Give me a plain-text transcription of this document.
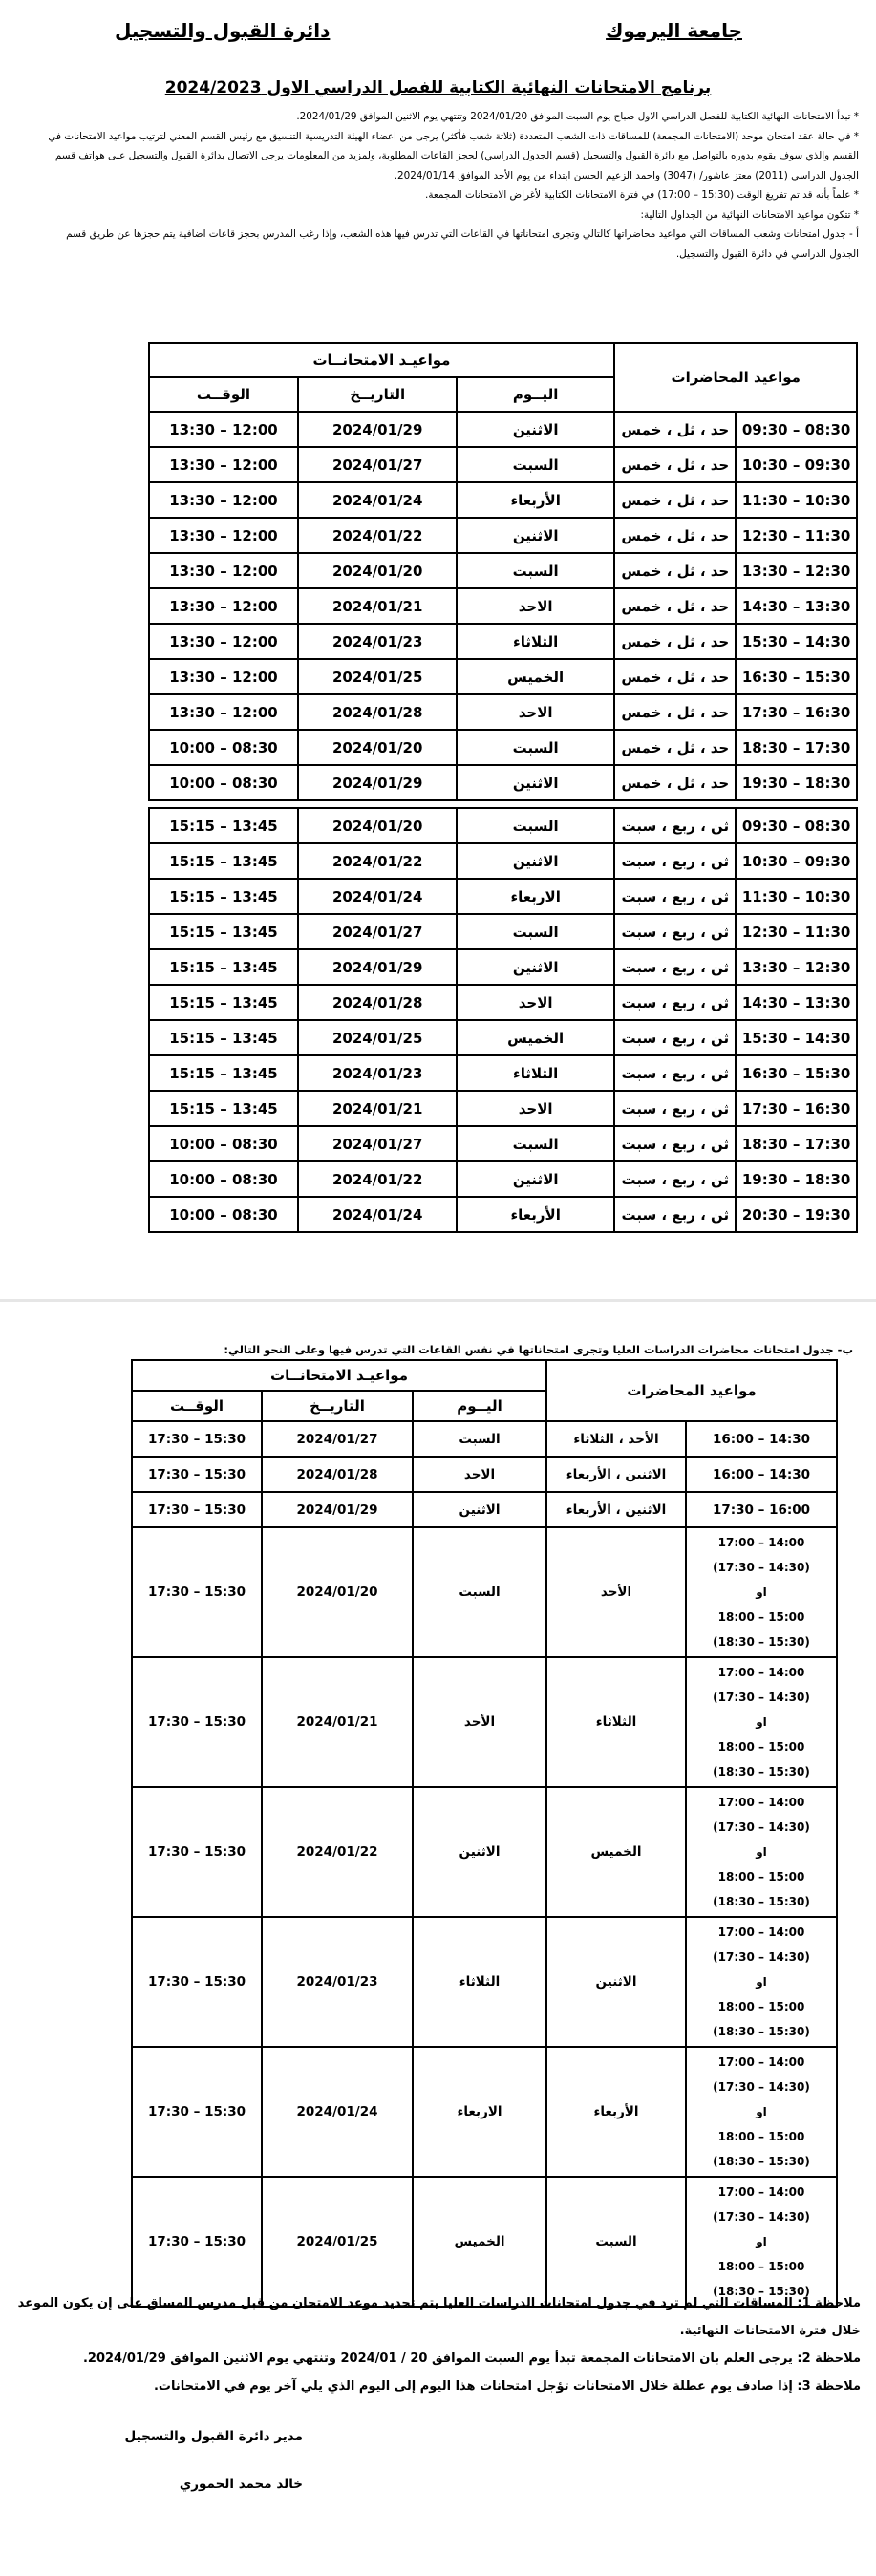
جامعة اليرموك
دائرة القبول والتسجيل
برنامج الامتحانات النهائية الكتابية للفصل الدراسي الاول 2024/2023

* تبدأ الامتحانات النهائية الكتابية للفصل الدراسي الاول صباح يوم السبت الموافق 2024/01/20 وتنتهي يوم الاثنين الموافق 2024/01/29.

* في حالة عقد امتحان موحد (الامتحانات المجمعة) للمساقات ذات الشعب المتعددة (ثلاثة شعب فأكثر) يرجى من اعضاء الهيئة التدريسية التنسيق مع رئيس القسم المعني لترتيب مواعيد الامتحانات في القسم والذي سوف يقوم بدوره بالتواصل مع دائرة القبول والتسجيل (قسم الجدول الدراسي) لحجز القاعات المطلوبة، ولمزيد من المعلومات يرجى الاتصال بدائرة القبول والتسجيل على هواتف قسم الجدول الدراسي (2011) معتز عاشور/ (3047) واحمد الزعيم الحسن ابتداء من يوم الأحد الموافق 2024/01/14.

* علماً بأنه قد تم تفريغ الوقت (15:30 – 17:00) في فترة الامتحانات الكتابية لأغراض الامتحانات المجمعة.

* تتكون مواعيد الامتحانات النهائية من الجداول التالية:

أ - جدول امتحانات وشعب المساقات التي مواعيد محاضراتها كالتالي وتجرى امتحاناتها في القاعات التي تدرس فيها هذه الشعب، وإذا رغب المدرس بحجز قاعات اضافية يتم حجزها عن طريق قسم الجدول الدراسي في دائرة القبول والتسجيل.

مواعيد المحاضرات		مواعيـد الامتحانــات		
		اليــوم	التاريــخ	الوقــت
08:30 – 09:30	حد ، ثل ، خمس	الاثنين	2024/01/29	12:00 – 13:30
09:30 – 10:30	حد ، ثل ، خمس	السبت	2024/01/27	12:00 – 13:30
10:30 – 11:30	حد ، ثل ، خمس	الأربعاء	2024/01/24	12:00 – 13:30
11:30 – 12:30	حد ، ثل ، خمس	الاثنين	2024/01/22	12:00 – 13:30
12:30 – 13:30	حد ، ثل ، خمس	السبت	2024/01/20	12:00 – 13:30
13:30 – 14:30	حد ، ثل ، خمس	الاحد	2024/01/21	12:00 – 13:30
14:30 – 15:30	حد ، ثل ، خمس	الثلاثاء	2024/01/23	12:00 – 13:30
15:30 – 16:30	حد ، ثل ، خمس	الخميس	2024/01/25	12:00 – 13:30
16:30 – 17:30	حد ، ثل ، خمس	الاحد	2024/01/28	12:00 – 13:30
17:30 – 18:30	حد ، ثل ، خمس	السبت	2024/01/20	08:30 – 10:00
18:30 – 19:30	حد ، ثل ، خمس	الاثنين	2024/01/29	08:30 – 10:00

08:30 – 09:30	ثن ، ربع ، سبت	السبت	2024/01/20	13:45 – 15:15
09:30 – 10:30	ثن ، ربع ، سبت	الاثنين	2024/01/22	13:45 – 15:15
10:30 – 11:30	ثن ، ربع ، سبت	الاربعاء	2024/01/24	13:45 – 15:15
11:30 – 12:30	ثن ، ربع ، سبت	السبت	2024/01/27	13:45 – 15:15
12:30 – 13:30	ثن ، ربع ، سبت	الاثنين	2024/01/29	13:45 – 15:15
13:30 – 14:30	ثن ، ربع ، سبت	الاحد	2024/01/28	13:45 – 15:15
14:30 – 15:30	ثن ، ربع ، سبت	الخميس	2024/01/25	13:45 – 15:15
15:30 – 16:30	ثن ، ربع ، سبت	الثلاثاء	2024/01/23	13:45 – 15:15
16:30 – 17:30	ثن ، ربع ، سبت	الاحد	2024/01/21	13:45 – 15:15
17:30 – 18:30	ثن ، ربع ، سبت	السبت	2024/01/27	08:30 – 10:00
18:30 – 19:30	ثن ، ربع ، سبت	الاثنين	2024/01/22	08:30 – 10:00
19:30 – 20:30	ثن ، ربع ، سبت	الأربعاء	2024/01/24	08:30 – 10:00
ب- جدول امتحانات محاضرات الدراسات العليا وتجرى امتحاناتها في نفس القاعات التي تدرس فيها وعلى النحو التالي:
مواعيد المحاضرات		مواعيـد الامتحانــات		
		اليــوم	التاريــخ	الوقــت
14:30 – 16:00	الأحد ، الثلاثاء	السبت	2024/01/27	15:30 – 17:30
14:30 – 16:00	الاثنين ، الأربعاء	الاحد	2024/01/28	15:30 – 17:30
16:00 – 17:30	الاثنين ، الأربعاء	الاثنين	2024/01/29	15:30 – 17:30

14:00 – 17:00
(14:30 – 17:30)
او
15:00 – 18:00
(15:30 – 18:30)	الأحد	السبت	2024/01/20	15:30 – 17:30

14:00 – 17:00
(14:30 – 17:30)
او
15:00 – 18:00
(15:30 – 18:30)	الثلاثاء	الأحد	2024/01/21	15:30 – 17:30

14:00 – 17:00
(14:30 – 17:30)
او
15:00 – 18:00
(15:30 – 18:30)	الخميس	الاثنين	2024/01/22	15:30 – 17:30

14:00 – 17:00
(14:30 – 17:30)
او
15:00 – 18:00
(15:30 – 18:30)	الاثنين	الثلاثاء	2024/01/23	15:30 – 17:30

14:00 – 17:00
(14:30 – 17:30)
او
15:00 – 18:00
(15:30 – 18:30)	الأربعاء	الاربعاء	2024/01/24	15:30 – 17:30

14:00 – 17:00
(14:30 – 17:30)
او
15:00 – 18:00
(15:30 – 18:30)	السبت	الخميس	2024/01/25	15:30 – 17:30

ملاحظة 1: المساقات التي لم ترد في جدول امتحانات الدراسات العليا يتم تحديد موعد الامتحان من قبل مدرس المساق على إن يكون الموعد خلال فترة الامتحانات النهائية.

ملاحظة 2: يرجى العلم بان الامتحانات المجمعة تبدأ يوم السبت الموافق 20 / 2024/01 وتنتهي يوم الاثنين الموافق 2024/01/29.

ملاحظة 3: إذا صادف يوم عطلة خلال الامتحانات تؤجل امتحانات هذا اليوم إلى اليوم الذي يلي آخر يوم في الامتحانات.

مدير دائرة القبول والتسجيل
خالد محمد الحموري
